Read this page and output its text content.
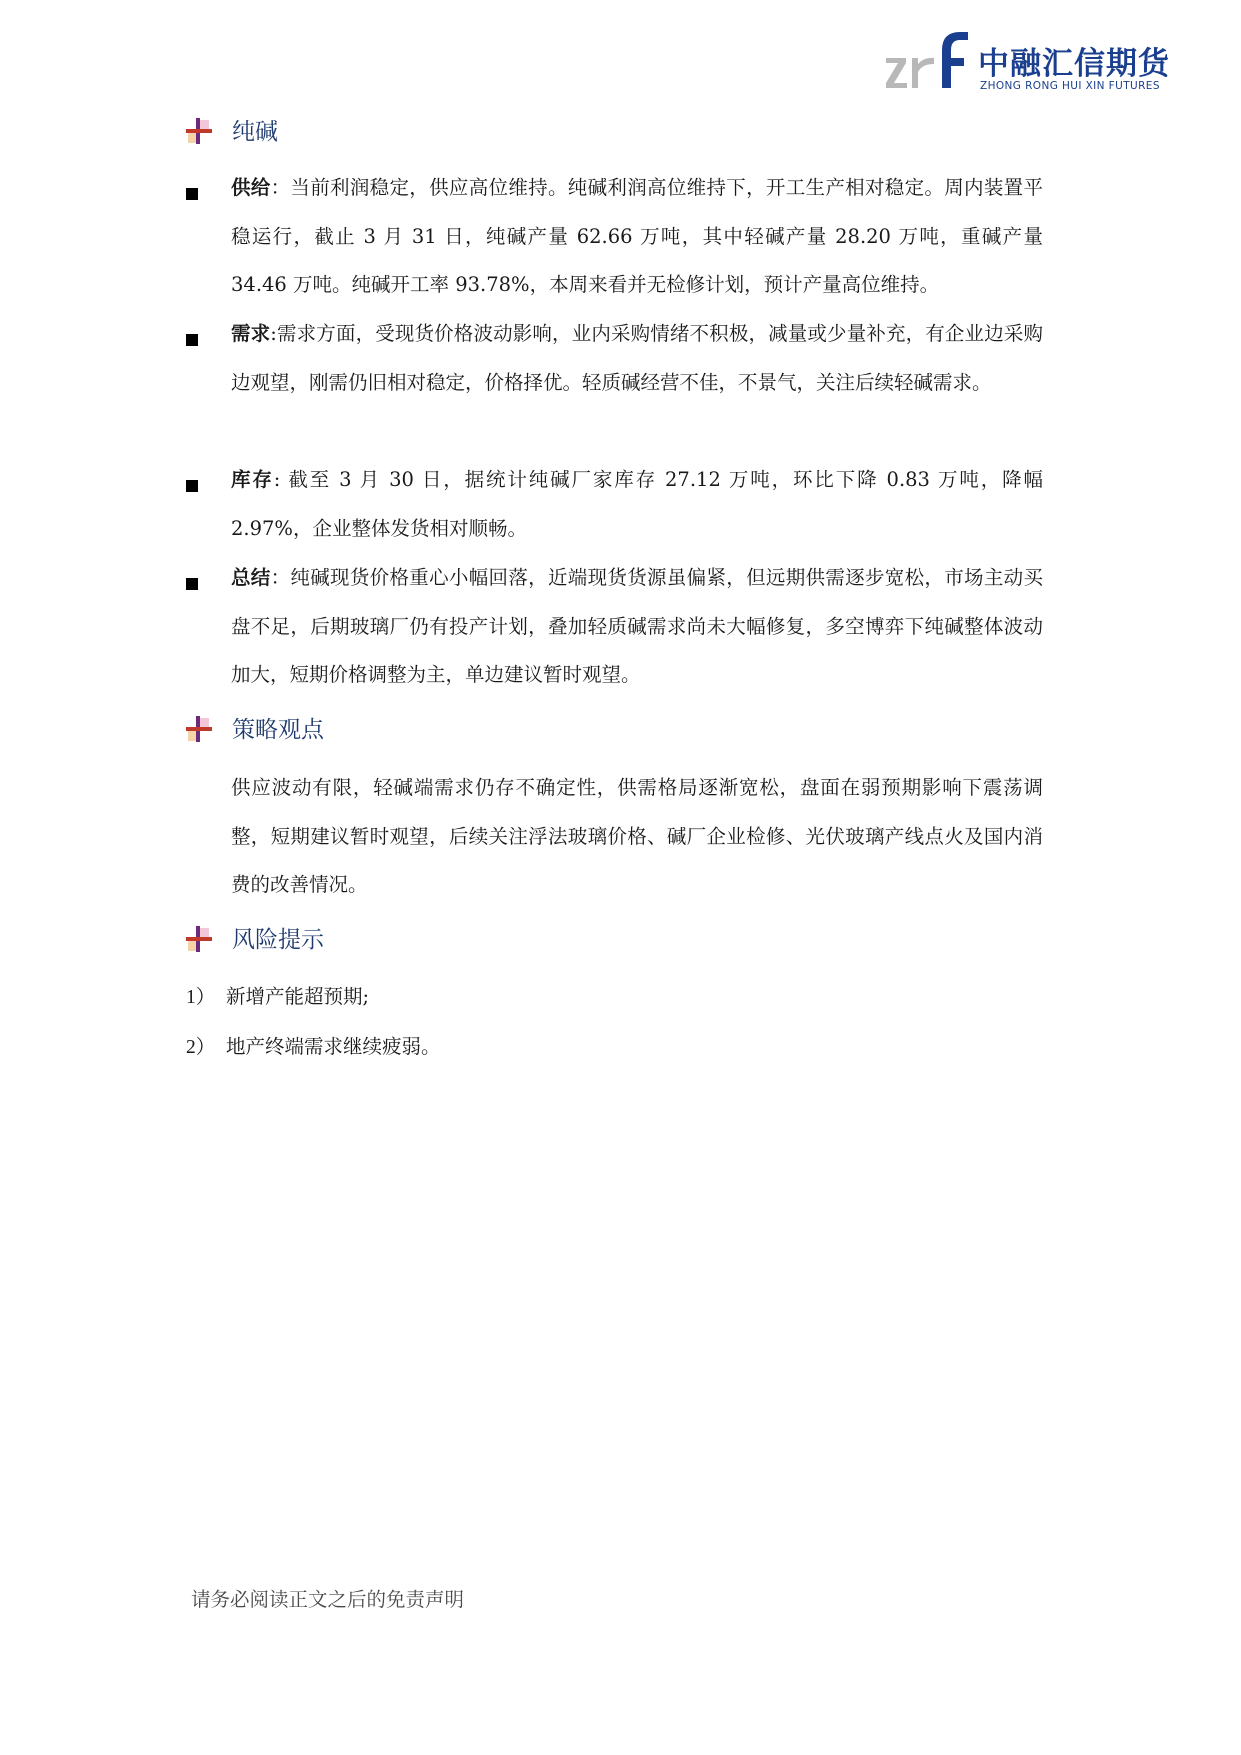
中融汇信期货
ZHONG RONG HUI XIN FUTURES
纯碱
供给：当前利润稳定，供应高位维持。纯碱利润高位维持下，开工生产相对稳定。周内装置平稳运行，截止 3 月 31 日，纯碱产量 62.66 万吨，其中轻碱产量 28.20 万吨，重碱产量 34.46 万吨。纯碱开工率 93.78%，本周来看并无检修计划，预计产量高位维持。
需求:需求方面，受现货价格波动影响，业内采购情绪不积极，减量或少量补充，有企业边采购边观望，刚需仍旧相对稳定，价格择优。轻质碱经营不佳，不景气，关注后续轻碱需求。
库存: 截至 3 月 30 日，据统计纯碱厂家库存 27.12 万吨，环比下降 0.83 万吨，降幅2.97%，企业整体发货相对顺畅。
总结：纯碱现货价格重心小幅回落，近端现货货源虽偏紧，但远期供需逐步宽松，市场主动买盘不足，后期玻璃厂仍有投产计划，叠加轻质碱需求尚未大幅修复，多空博弈下纯碱整体波动加大，短期价格调整为主，单边建议暂时观望。
策略观点
供应波动有限，轻碱端需求仍存不确定性，供需格局逐渐宽松，盘面在弱预期影响下震荡调整，短期建议暂时观望，后续关注浮法玻璃价格、碱厂企业检修、光伏玻璃产线点火及国内消费的改善情况。
风险提示
1） 新增产能超预期;
2） 地产终端需求继续疲弱。
请务必阅读正文之后的免责声明
